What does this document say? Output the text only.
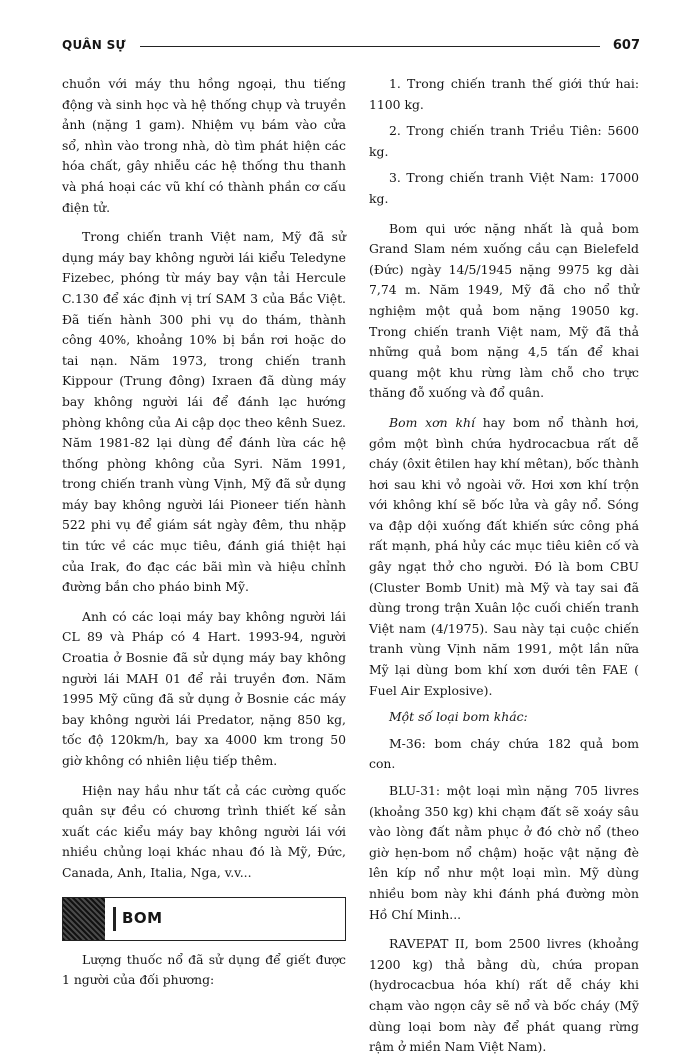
QUÂN SỰ	607

chuồn với máy thu hồng ngoại, thu tiếng động và sinh học và hệ thống chụp và truyền ảnh (nặng 1 gam). Nhiệm vụ bám vào cửa sổ, nhìn vào trong nhà, dò tìm phát hiện các hóa chất, gây nhiễu các hệ thống thu thanh và phá hoại các vũ khí có thành phần cơ cấu điện tử.

Trong chiến tranh Việt nam, Mỹ đã sử dụng máy bay không người lái kiểu Teledyne Fizebec, phóng từ máy bay vận tải Hercule C.130 để xác định vị trí SAM 3 của Bắc Việt. Đã tiến hành 300 phi vụ do thám, thành công 40%, khoảng 10% bị bắn rơi hoặc do tai nạn. Năm 1973, trong chiến tranh Kippour (Trung đông) Ixraen đã dùng máy bay không người lái để đánh lạc hướng phòng không của Ai cập dọc theo kênh Suez. Năm 1981-82 lại dùng để đánh lừa các hệ thống phòng không của Syri. Năm 1991, trong chiến tranh vùng Vịnh, Mỹ đã sử dụng máy bay không người lái Pioneer tiến hành 522 phi vụ để giám sát ngày đêm, thu nhặp tin tức về các mục tiêu, đánh giá thiệt hại của Irak, đo đạc các bãi mìn và hiệu chỉnh đường bắn cho pháo binh Mỹ.

Anh có các loại máy bay không người lái CL 89 và Pháp có 4 Hart. 1993-94, người Croatia ở Bosnie đã sử dụng máy bay không người lái MAH 01 để rải truyền đơn. Năm 1995 Mỹ cũng đã sử dụng ở Bosnie các máy bay không người lái Predator, nặng 850 kg, tốc độ 120km/h, bay xa 4000 km trong 50 giờ không có nhiên liệu tiếp thêm.

Hiện nay hầu như tất cả các cường quốc quân sự đều có chương trình thiết kế sản xuất các kiểu máy bay không người lái với nhiều chủng loại khác nhau đó là Mỹ, Đức, Canada, Anh, Italia, Nga, v.v...

BOM

Lượng thuốc nổ đã sử dụng để giết được 1 người của đối phương:

1. Trong chiến tranh thế giới thứ hai: 1100 kg.

2. Trong chiến tranh Triều Tiên: 5600 kg.

3. Trong chiến tranh Việt Nam: 17000 kg.

Bom qui ước nặng nhất là quả bom Grand Slam ném xuống cầu cạn Bielefeld (Đức) ngày 14/5/1945 nặng 9975 kg dài 7,74 m. Năm 1949, Mỹ đã cho nổ thử nghiệm một quả bom nặng 19050 kg. Trong chiến tranh Việt nam, Mỹ đã thả những quả bom nặng 4,5 tấn để khai quang một khu rừng làm chỗ cho trực thăng đỗ xuống và đổ quân.

Bom xơn khí hay bom nổ thành hơi, gồm một bình chứa hydrocacbua rất dễ cháy (ôxit êtilen hay khí mêtan), bốc thành hơi sau khi vỏ ngoài vỡ. Hơi xơn khí trộn với không khí sẽ bốc lửa và gây nổ. Sóng va đập dội xuống đất khiến sức công phá rất mạnh, phá hủy các mục tiêu kiên cố và gây ngạt thở cho người. Đó là bom CBU (Cluster Bomb Unit) mà Mỹ và tay sai đã dùng trong trận Xuân lộc cuối chiến tranh Việt nam (4/1975). Sau này tại cuộc chiến tranh vùng Vịnh năm 1991, một lần nữa Mỹ lại dùng bom khí xơn dưới tên FAE ( Fuel Air Explosive).

Một số loại bom khác:

M-36: bom cháy chứa 182 quả bom con.

BLU-31: một loại mìn nặng 705 livres (khoảng 350 kg) khi chạm đất sẽ xoáy sâu vào lòng đất nằm phục ở đó chờ nổ (theo giờ hẹn-bom nổ chậm) hoặc vật nặng đè lên kíp nổ như một loại mìn. Mỹ dùng nhiều bom này khi đánh phá đường mòn Hồ Chí Minh...

RAVEPAT II, bom 2500 livres (khoảng 1200 kg) thả bằng dù, chứa propan (hydrocacbua hóa khí) rất dễ cháy khi chạm vào ngọn cây sẽ nổ và bốc cháy (Mỹ dùng loại bom này để phát quang rừng rậm ở miền Nam Việt Nam).
